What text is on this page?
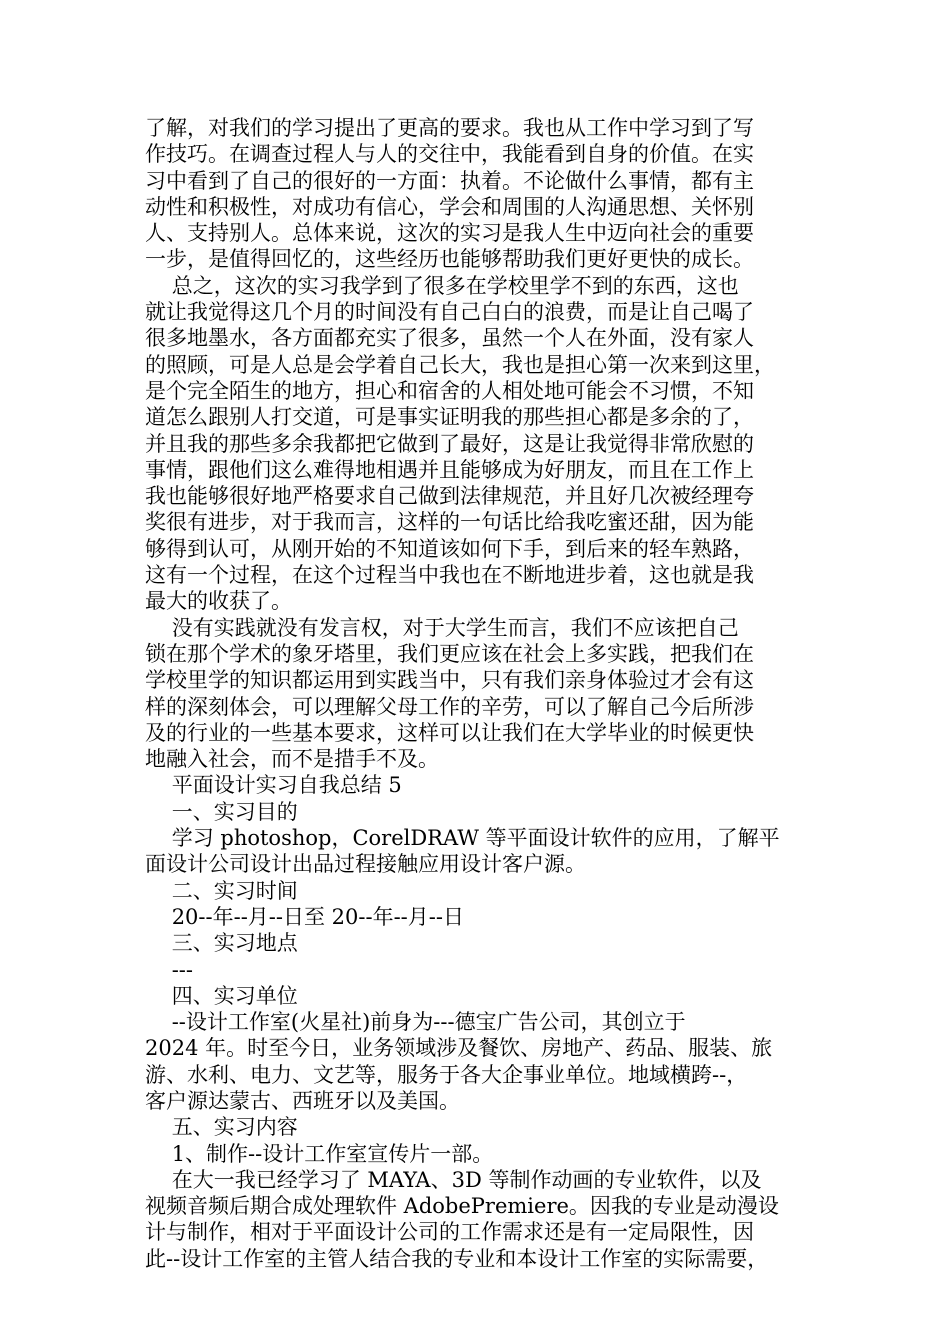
了解，对我们的学习提出了更高的要求。我也从工作中学习到了写
作技巧。在调查过程人与人的交往中，我能看到自身的价值。在实
习中看到了自己的很好的一方面：执着。不论做什么事情，都有主
动性和积极性，对成功有信心，学会和周围的人沟通思想、关怀别
人、支持别人。总体来说，这次的实习是我人生中迈向社会的重要
一步，是值得回忆的，这些经历也能够帮助我们更好更快的成长。
总之，这次的实习我学到了很多在学校里学不到的东西，这也
就让我觉得这几个月的时间没有自己白白的浪费，而是让自己喝了
很多地墨水，各方面都充实了很多，虽然一个人在外面，没有家人
的照顾，可是人总是会学着自己长大，我也是担心第一次来到这里，
是个完全陌生的地方，担心和宿舍的人相处地可能会不习惯，不知
道怎么跟别人打交道，可是事实证明我的那些担心都是多余的了，
并且我的那些多余我都把它做到了最好，这是让我觉得非常欣慰的
事情，跟他们这么难得地相遇并且能够成为好朋友，而且在工作上
我也能够很好地严格要求自己做到法律规范，并且好几次被经理夸
奖很有进步，对于我而言，这样的一句话比给我吃蜜还甜，因为能
够得到认可，从刚开始的不知道该如何下手，到后来的轻车熟路，
这有一个过程，在这个过程当中我也在不断地进步着，这也就是我
最大的收获了。
没有实践就没有发言权，对于大学生而言，我们不应该把自己
锁在那个学术的象牙塔里，我们更应该在社会上多实践，把我们在
学校里学的知识都运用到实践当中，只有我们亲身体验过才会有这
样的深刻体会，可以理解父母工作的辛劳，可以了解自己今后所涉
及的行业的一些基本要求，这样可以让我们在大学毕业的时候更快
地融入社会，而不是措手不及。
平面设计实习自我总结 5
一、实习目的
学习 photoshop，CorelDRAW 等平面设计软件的应用，了解平
面设计公司设计出品过程接触应用设计客户源。
二、实习时间
20--年--月--日至 20--年--月--日
三、实习地点
---
四、实习单位
--设计工作室(火星社)前身为---德宝广告公司，其创立于
2024 年。时至今日，业务领域涉及餐饮、房地产、药品、服装、旅
游、水利、电力、文艺等，服务于各大企事业单位。地域横跨--，
客户源达蒙古、西班牙以及美国。
五、实习内容
1、制作--设计工作室宣传片一部。
在大一我已经学习了 MAYA、3D 等制作动画的专业软件，以及
视频音频后期合成处理软件 AdobePremiere。因我的专业是动漫设
计与制作，相对于平面设计公司的工作需求还是有一定局限性，因
此--设计工作室的主管人结合我的专业和本设计工作室的实际需要，
